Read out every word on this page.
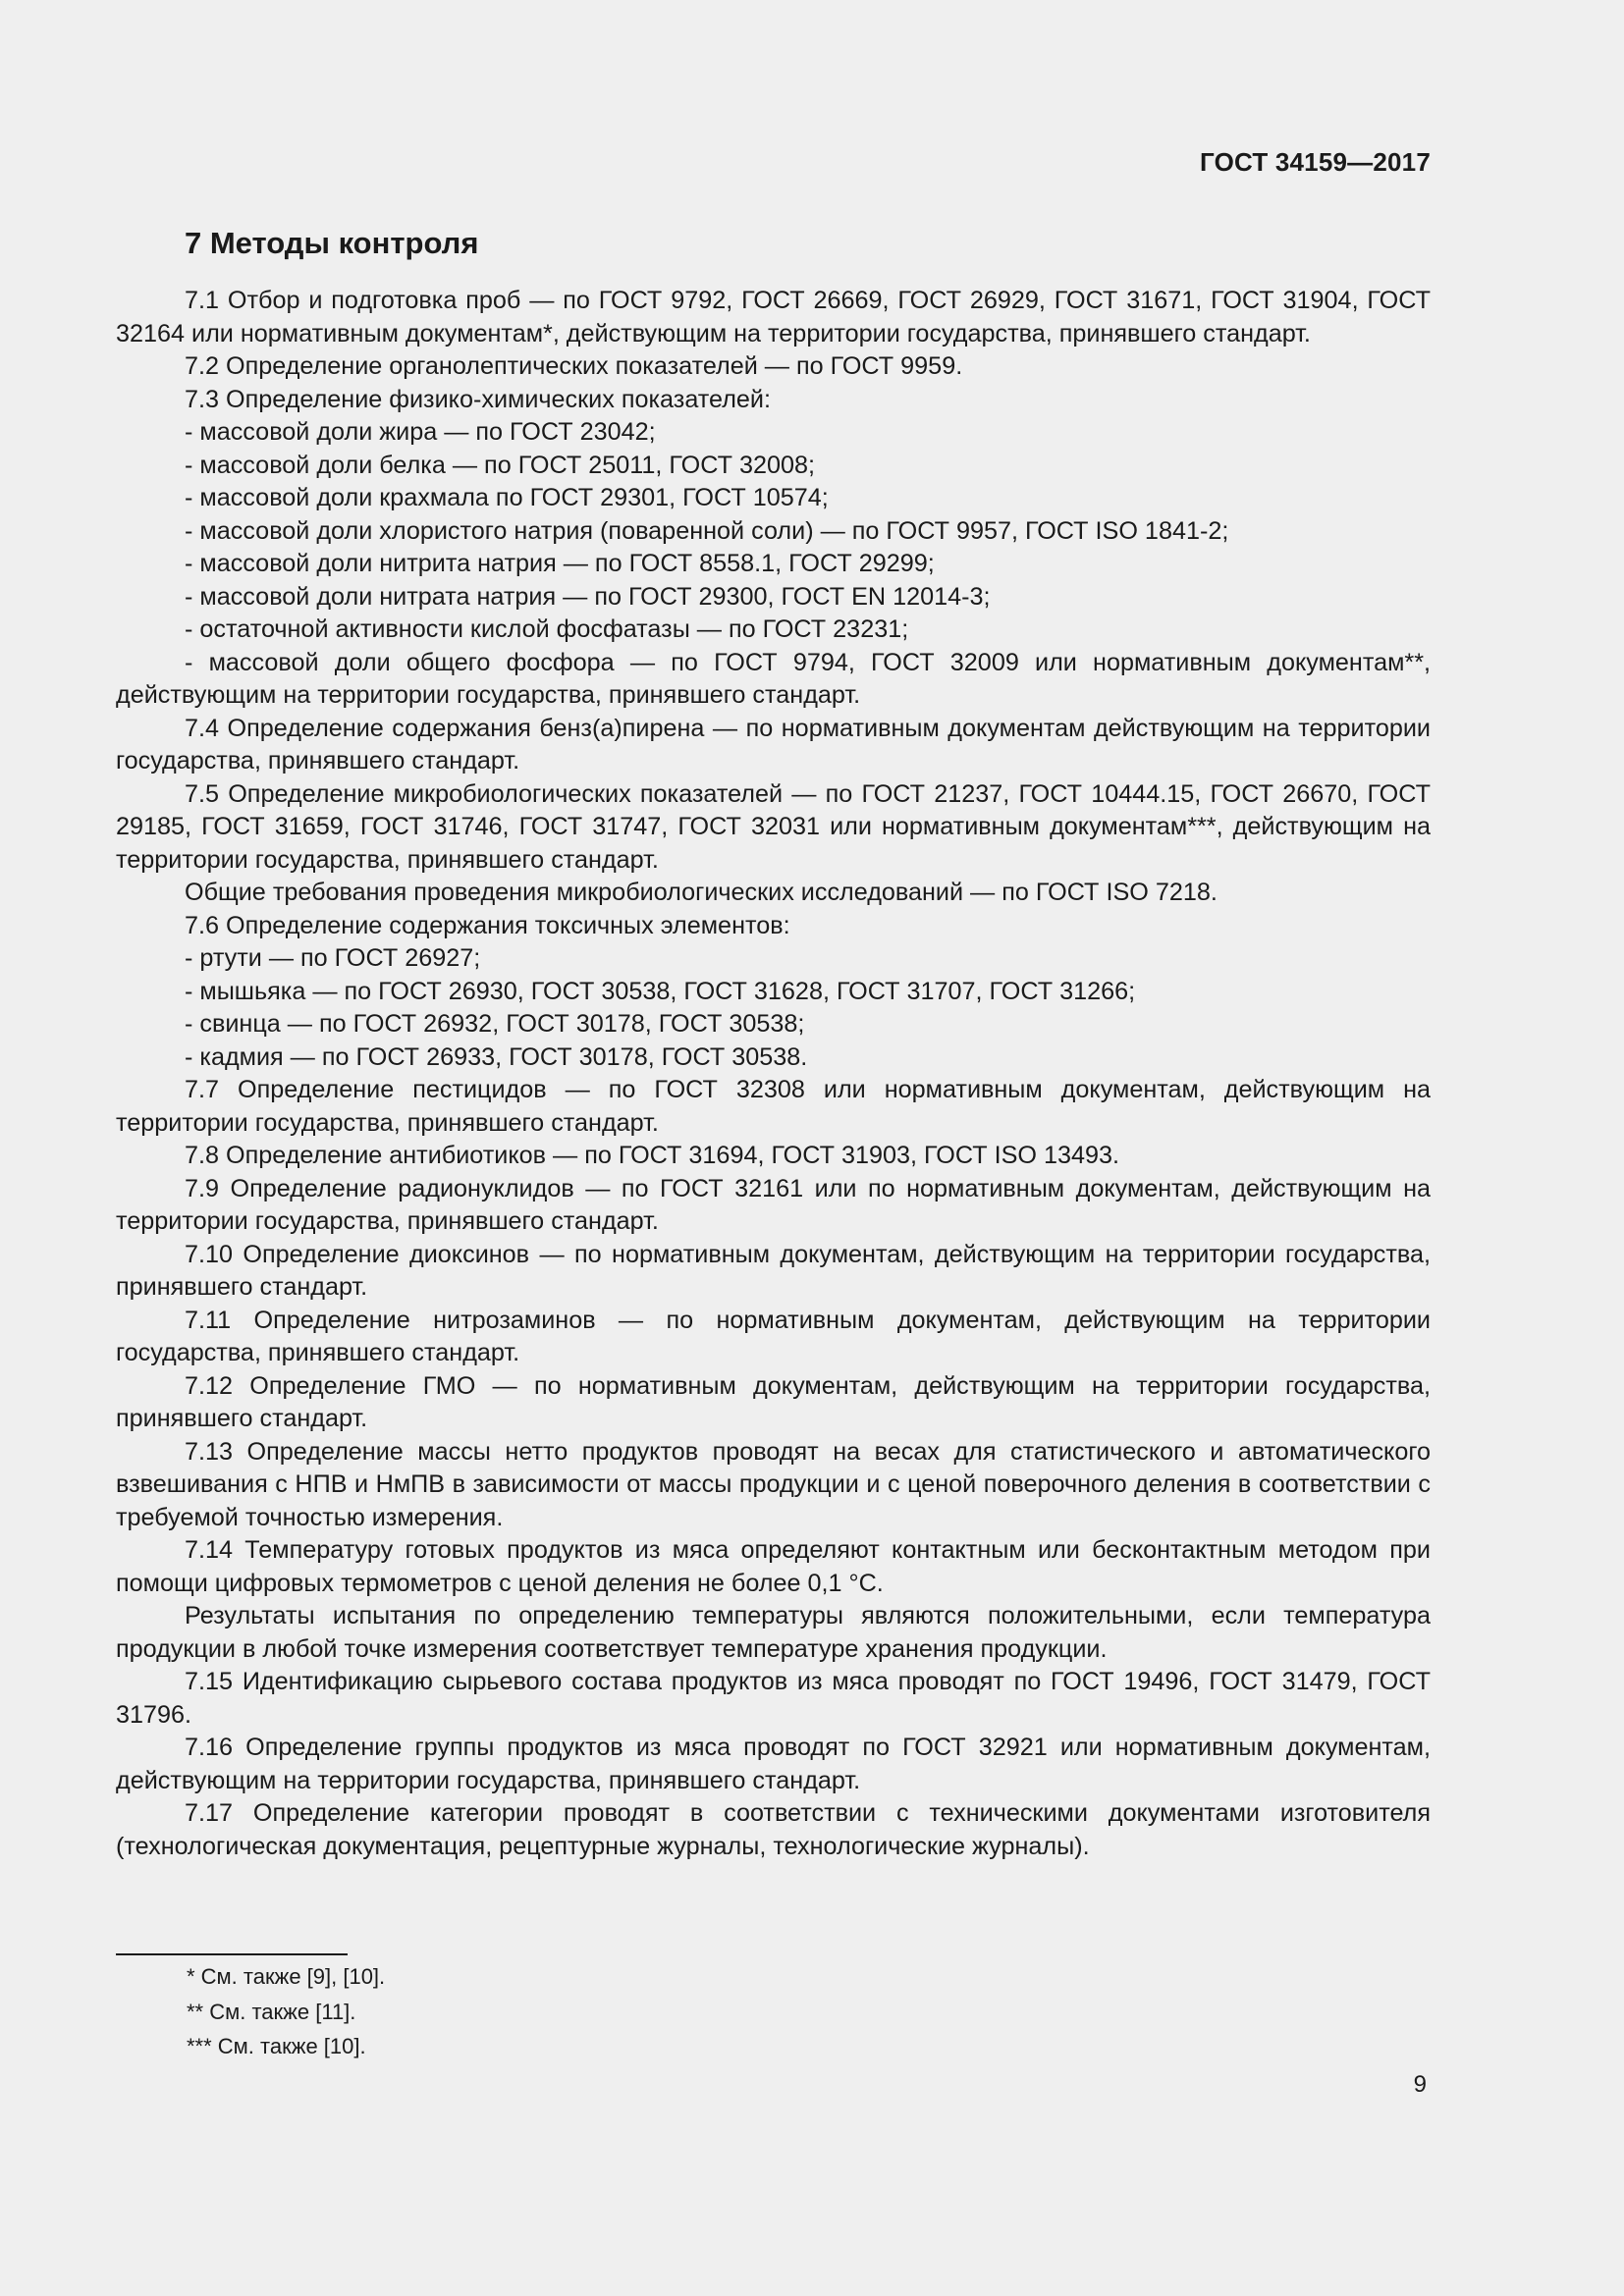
ГОСТ 34159—2017
7 Методы контроля

7.1 Отбор и подготовка проб — по ГОСТ 9792, ГОСТ 26669, ГОСТ 26929, ГОСТ 31671, ГОСТ 31904, ГОСТ 32164 или нормативным документам*, действующим на территории государства, принявшего стандарт.

7.2 Определение органолептических показателей — по ГОСТ 9959.

7.3 Определение физико-химических показателей:

- массовой доли жира — по ГОСТ 23042;

- массовой доли белка — по ГОСТ 25011, ГОСТ 32008;

- массовой доли крахмала по ГОСТ 29301, ГОСТ 10574;

- массовой доли хлористого натрия (поваренной соли) — по ГОСТ 9957, ГОСТ ISO 1841-2;

- массовой доли нитрита натрия — по ГОСТ 8558.1, ГОСТ 29299;

- массовой доли нитрата натрия — по ГОСТ 29300, ГОСТ EN 12014-3;

- остаточной активности кислой фосфатазы — по ГОСТ 23231;

- массовой доли общего фосфора — по ГОСТ 9794, ГОСТ 32009 или нормативным документам**, действующим на территории государства, принявшего стандарт.

7.4 Определение содержания бенз(а)пирена — по нормативным документам действующим на территории государства, принявшего стандарт.

7.5 Определение микробиологических показателей — по ГОСТ 21237, ГОСТ 10444.15, ГОСТ 26670, ГОСТ 29185, ГОСТ 31659, ГОСТ 31746, ГОСТ 31747, ГОСТ 32031 или нормативным документам***, действующим на территории государства, принявшего стандарт.

Общие требования проведения микробиологических исследований — по ГОСТ ISO 7218.

7.6 Определение содержания токсичных элементов:

- ртути — по ГОСТ 26927;

- мышьяка — по ГОСТ 26930, ГОСТ 30538, ГОСТ 31628, ГОСТ 31707, ГОСТ 31266;

- свинца — по ГОСТ 26932, ГОСТ 30178, ГОСТ 30538;

- кадмия — по ГОСТ 26933, ГОСТ 30178, ГОСТ 30538.

7.7 Определение пестицидов — по ГОСТ 32308 или нормативным документам, действующим на территории государства, принявшего стандарт.

7.8 Определение антибиотиков — по ГОСТ 31694, ГОСТ 31903, ГОСТ ISO 13493.

7.9 Определение радионуклидов — по ГОСТ 32161 или по нормативным документам, действующим на территории государства, принявшего стандарт.

7.10 Определение диоксинов — по нормативным документам, действующим на территории государства, принявшего стандарт.

7.11 Определение нитрозаминов — по нормативным документам, действующим на территории государства, принявшего стандарт.

7.12 Определение ГМО — по нормативным документам, действующим на территории государства, принявшего стандарт.

7.13 Определение массы нетто продуктов проводят на весах для статистического и автоматического взвешивания с НПВ и НмПВ в зависимости от массы продукции и с ценой поверочного деления в соответствии с требуемой точностью измерения.

7.14 Температуру готовых продуктов из мяса определяют контактным или бесконтактным методом при помощи цифровых термометров с ценой деления не более 0,1 °С.

Результаты испытания по определению температуры являются положительными, если температура продукции в любой точке измерения соответствует температуре хранения продукции.

7.15 Идентификацию сырьевого состава продуктов из мяса проводят по ГОСТ 19496, ГОСТ 31479, ГОСТ 31796.

7.16 Определение группы продуктов из мяса проводят по ГОСТ 32921 или нормативным документам, действующим на территории государства, принявшего стандарт.

7.17 Определение категории проводят в соответствии с техническими документами изготовителя (технологическая документация, рецептурные журналы, технологические журналы).

* См. также [9], [10].
** См. также [11].
*** См. также [10].
9
